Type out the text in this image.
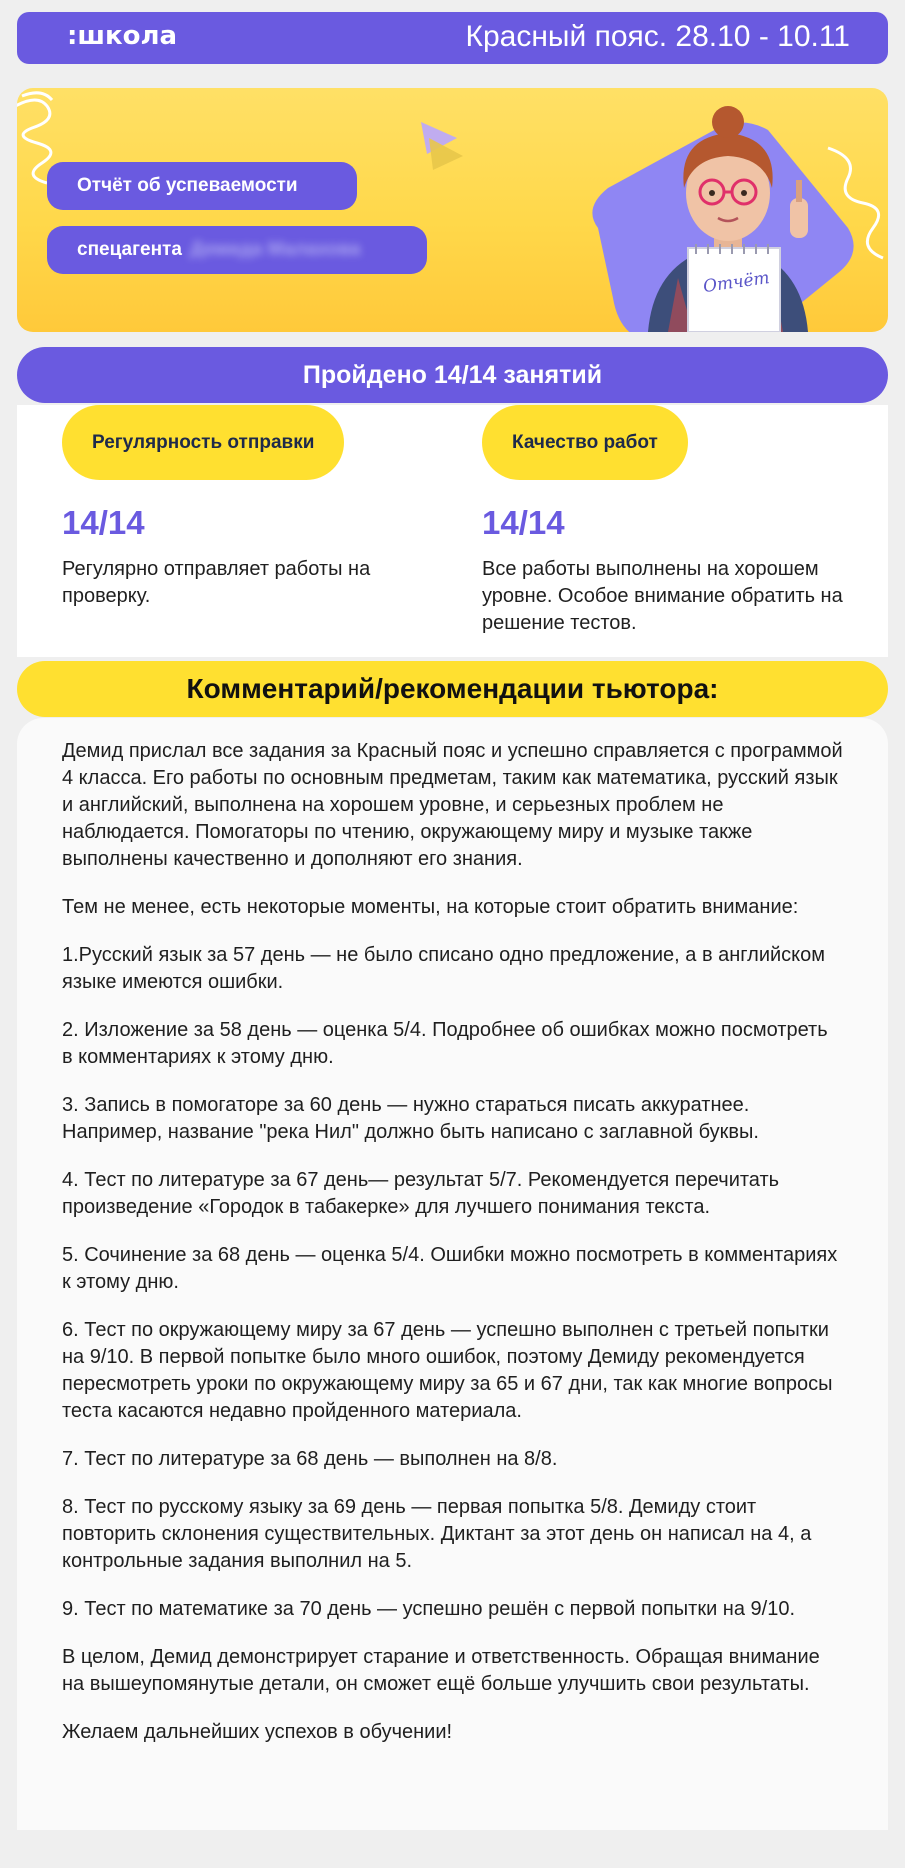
:школа	Красный пояс. 28.10 - 10.11
Отчёт об успеваемости
спецагента Демида Малахова
Отчёт
Пройдено 14/14 занятий
Регулярность отправки
14/14
Регулярно отправляет работы на проверку.
Качество работ
14/14
Все работы выполнены на хорошем уровне. Особое внимание обратить на решение тестов.
Комментарий/рекомендации тьютора:

Демид прислал все задания за Красный пояс и успешно справляется с программой 4 класса. Его работы по основным предметам, таким как математика, русский язык и английский, выполнена на хорошем уровне, и серьезных проблем не наблюдается. Помогаторы по чтению, окружающему миру и музыке также выполнены качественно и дополняют его знания.

Тем не менее, есть некоторые моменты, на которые стоит обратить внимание:

1.Русский язык за 57 день — не было списано одно предложение, а в английском языке имеются ошибки.

2. Изложение за 58 день — оценка 5/4. Подробнее об ошибках можно посмотреть в комментариях к этому дню.

3. Запись в помогаторе за 60 день — нужно стараться писать аккуратнее. Например, название "река Нил" должно быть написано с заглавной буквы.

4. Тест по литературе за 67 день— результат 5/7. Рекомендуется перечитать произведение «Городок в табакерке» для лучшего понимания текста.

5. Сочинение за 68 день — оценка 5/4. Ошибки можно посмотреть в комментариях к этому дню.

6. Тест по окружающему миру за 67 день — успешно выполнен с третьей попытки на 9/10. В первой попытке было много ошибок, поэтому Демиду рекомендуется пересмотреть уроки по окружающему миру за 65 и 67 дни, так как многие вопросы теста касаются недавно пройденного материала.

7. Тест по литературе за 68 день — выполнен на 8/8.

8. Тест по русскому языку за 69 день — первая попытка 5/8. Демиду стоит повторить склонения существительных. Диктант за этот день он написал на 4, а контрольные задания выполнил на 5.

9. Тест по математике за 70 день — успешно решён с первой попытки на 9/10.

В целом, Демид демонстрирует старание и ответственность. Обращая внимание на вышеупомянутые детали, он сможет ещё больше улучшить свои результаты.

Желаем дальнейших успехов в обучении!
